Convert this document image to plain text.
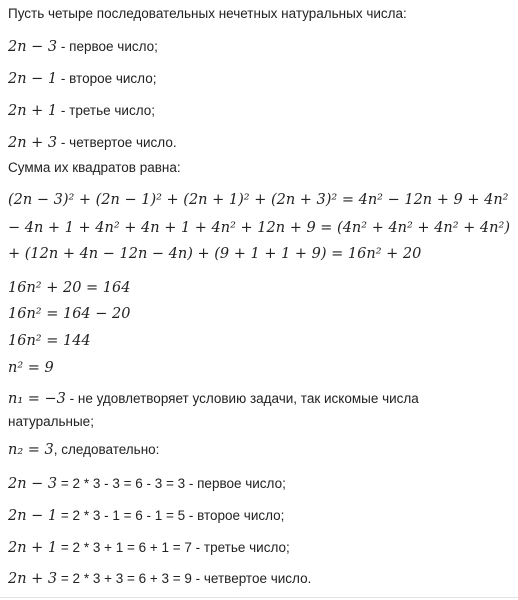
Пусть четыре последовательных нечетных натуральных числа:
2n − 3 - первое число;
2n − 1 - второе число;
2n + 1 - третье число;
2n + 3 - четвертое число.
Сумма их квадратов равна:
(2n − 3)² + (2n − 1)² + (2n + 1)² + (2n + 3)² = 4n² − 12n + 9 + 4n²
− 4n + 1 + 4n² + 4n + 1 + 4n² + 12n + 9 = (4n² + 4n² + 4n² + 4n²)
+ (12n + 4n − 12n − 4n) + (9 + 1 + 1 + 9) = 16n² + 20
16n² + 20 = 164
16n² = 164 − 20
16n² = 144
n² = 9
n₁ = −3 - не удовлетворяет условию задачи, так искомые числа
натуральные;
n₂ = 3, следовательно:
2n − 3 = 2 * 3 - 3 = 6 - 3 = 3 - первое число;
2n − 1 = 2 * 3 - 1 = 6 - 1 = 5 - второе число;
2n + 1 = 2 * 3 + 1 = 6 + 1 = 7 - третье число;
2n + 3 = 2 * 3 + 3 = 6 + 3 = 9 - четвертое число.
